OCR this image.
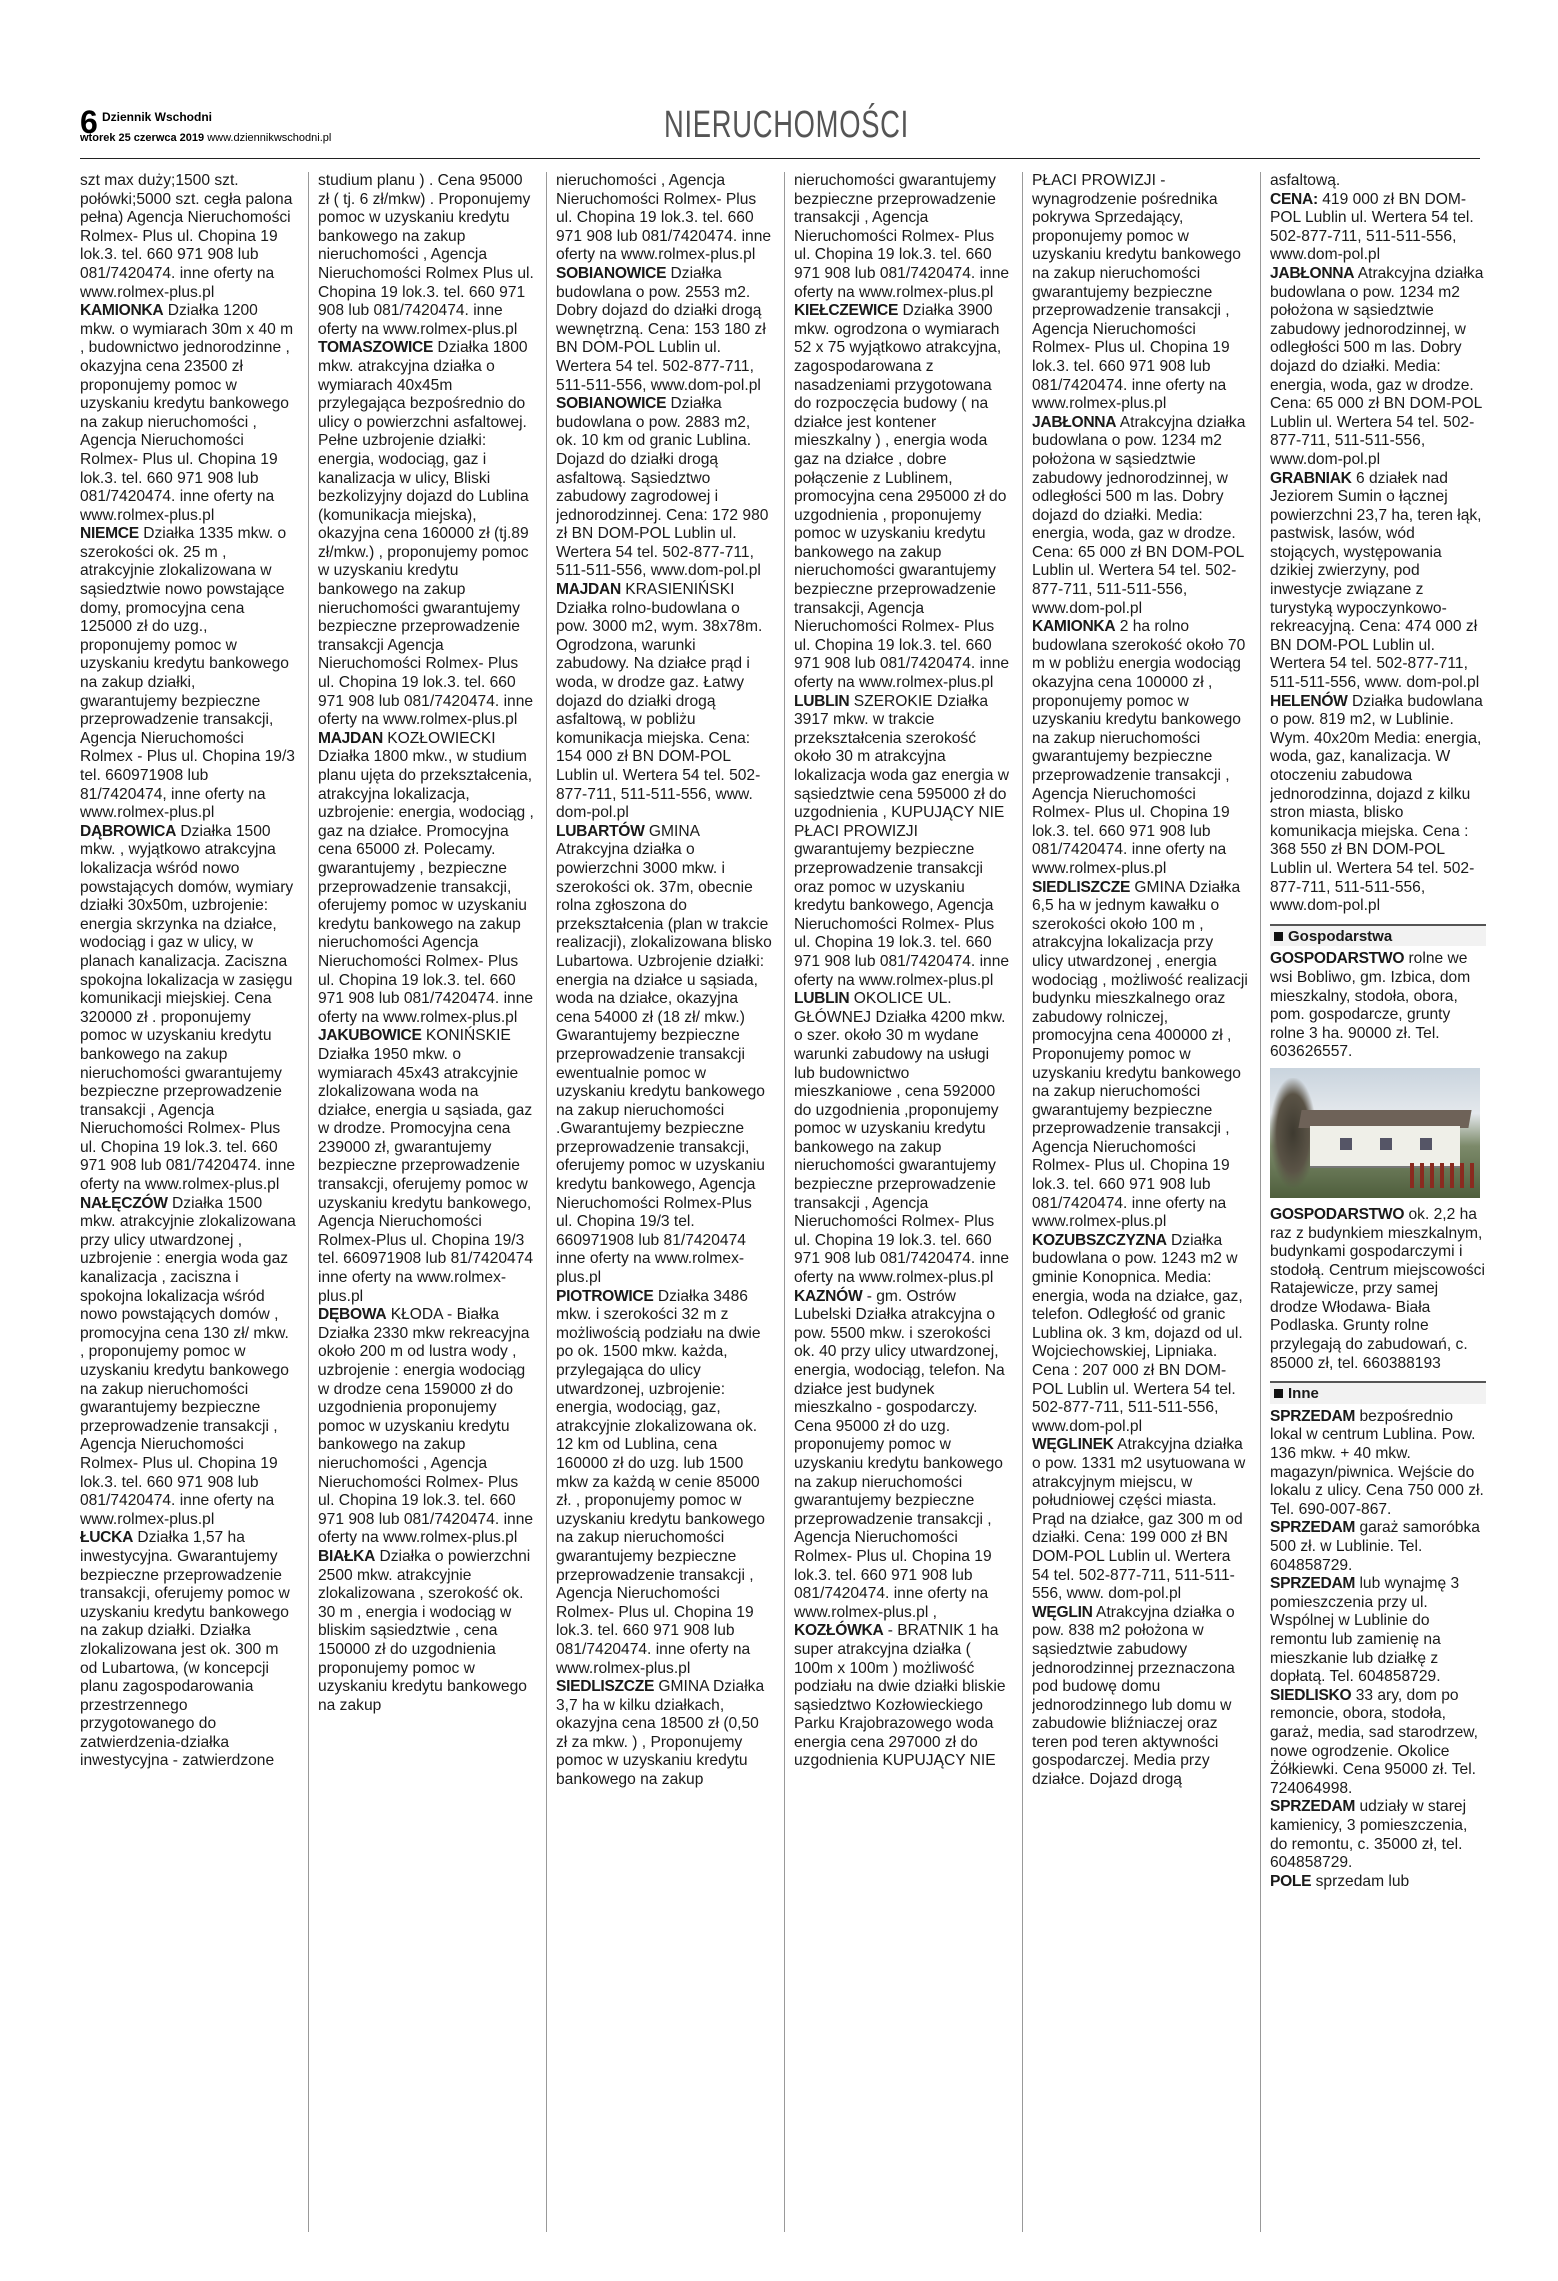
6 Dziennik Wschodni
wtorek 25 czerwca 2019 www.dziennikwschodni.pl	NIERUCHOMOŚCI

szt max duży;1500 szt. połówki;5000 szt. cegła palona pełna) Agencja Nieruchomości Rolmex- Plus ul. Chopina 19 lok.3. tel. 660 971 908 lub 081/7420474. inne oferty na www.rolmex-plus.pl

KAMIONKA Działka 1200 mkw. o wymiarach 30m x 40 m , budownictwo jednorodzinne , okazyjna cena 23500 zł proponujemy pomoc w uzyskaniu kredytu bankowego na zakup nieruchomości , Agencja Nieruchomości Rolmex- Plus ul. Chopina 19 lok.3. tel. 660 971 908 lub 081/7420474. inne oferty na www.rolmex-plus.pl

NIEMCE Działka 1335 mkw. o szerokości ok. 25 m , atrakcyjnie zlokalizowana w sąsiedztwie nowo powstające domy, promocyjna cena 125000 zł do uzg., proponujemy pomoc w uzyskaniu kredytu bankowego na zakup działki, gwarantujemy bezpieczne przeprowadzenie transakcji, Agencja Nieruchomości Rolmex - Plus ul. Chopina 19/3 tel. 660971908 lub 81/7420474, inne oferty na www.rolmex-plus.pl

DĄBROWICA Działka 1500 mkw. , wyjątkowo atrakcyjna lokalizacja wśród nowo powstających domów, wymiary działki 30x50m, uzbrojenie: energia skrzynka na działce, wodociąg i gaz w ulicy, w planach kanalizacja. Zaciszna spokojna lokalizacja w zasięgu komunikacji miejskiej. Cena 320000 zł . proponujemy pomoc w uzyskaniu kredytu bankowego na zakup nieruchomości gwarantujemy bezpieczne przeprowadzenie transakcji , Agencja Nieruchomości Rolmex- Plus ul. Chopina 19 lok.3. tel. 660 971 908 lub 081/7420474. inne oferty na www.rolmex-plus.pl

NAŁĘCZÓW Działka 1500 mkw. atrakcyjnie zlokalizowana przy ulicy utwardzonej , uzbrojenie : energia woda gaz kanalizacja , zaciszna i spokojna lokalizacja wśród nowo powstających domów , promocyjna cena 130 zł/ mkw. , proponujemy pomoc w uzyskaniu kredytu bankowego na zakup nieruchomości gwarantujemy bezpieczne przeprowadzenie transakcji , Agencja Nieruchomości Rolmex- Plus ul. Chopina 19 lok.3. tel. 660 971 908 lub 081/7420474. inne oferty na www.rolmex-plus.pl

ŁUCKA Działka 1,57 ha inwestycyjna. Gwarantujemy bezpieczne przeprowadzenie transakcji, oferujemy pomoc w uzyskaniu kredytu bankowego na zakup działki. Działka zlokalizowana jest ok. 300 m od Lubartowa, (w koncepcji planu zagospodarowania przestrzennego przygotowanego do zatwierdzenia-działka inwestycyjna - zatwierdzone

studium planu ) . Cena 95000 zł ( tj. 6 zł/mkw) . Proponujemy pomoc w uzyskaniu kredytu bankowego na zakup nieruchomości , Agencja Nieruchomości Rolmex Plus ul. Chopina 19 lok.3. tel. 660 971 908 lub 081/7420474. inne oferty na www.rolmex-plus.pl

TOMASZOWICE Działka 1800 mkw. atrakcyjna działka o wymiarach 40x45m przylegająca bezpośrednio do ulicy o powierzchni asfaltowej. Pełne uzbrojenie działki: energia, wodociąg, gaz i kanalizacja w ulicy, Bliski bezkolizyjny dojazd do Lublina (komunikacja miejska), okazyjna cena 160000 zł (tj.89 zł/mkw.) , proponujemy pomoc w uzyskaniu kredytu bankowego na zakup nieruchomości gwarantujemy bezpieczne przeprowadzenie transakcji Agencja Nieruchomości Rolmex- Plus ul. Chopina 19 lok.3. tel. 660 971 908 lub 081/7420474. inne oferty na www.rolmex-plus.pl

MAJDAN KOZŁOWIECKI Działka 1800 mkw., w studium planu ujęta do przekształcenia, atrakcyjna lokalizacja, uzbrojenie: energia, wodociąg , gaz na działce. Promocyjna cena 65000 zł. Polecamy. gwarantujemy , bezpieczne przeprowadzenie transakcji, oferujemy pomoc w uzyskaniu kredytu bankowego na zakup nieruchomości Agencja Nieruchomości Rolmex- Plus ul. Chopina 19 lok.3. tel. 660 971 908 lub 081/7420474. inne oferty na www.rolmex-plus.pl

JAKUBOWICE KONIŃSKIE Działka 1950 mkw. o wymiarach 45x43 atrakcyjnie zlokalizowana woda na działce, energia u sąsiada, gaz w drodze. Promocyjna cena 239000 zł, gwarantujemy bezpieczne przeprowadzenie transakcji, oferujemy pomoc w uzyskaniu kredytu bankowego, Agencja Nieruchomości Rolmex-Plus ul. Chopina 19/3 tel. 660971908 lub 81/7420474 inne oferty na www.rolmex-plus.pl

DĘBOWA KŁODA - Białka Działka 2330 mkw rekreacyjna około 200 m od lustra wody , uzbrojenie : energia wodociąg w drodze cena 159000 zł do uzgodnienia proponujemy pomoc w uzyskaniu kredytu bankowego na zakup nieruchomości , Agencja Nieruchomości Rolmex- Plus ul. Chopina 19 lok.3. tel. 660 971 908 lub 081/7420474. inne oferty na www.rolmex-plus.pl

BIAŁKA Działka o powierzchni 2500 mkw. atrakcyjnie zlokalizowana , szerokość ok. 30 m , energia i wodociąg w bliskim sąsiedztwie , cena 150000 zł do uzgodnienia proponujemy pomoc w uzyskaniu kredytu bankowego na zakup

nieruchomości , Agencja Nieruchomości Rolmex- Plus ul. Chopina 19 lok.3. tel. 660 971 908 lub 081/7420474. inne oferty na www.rolmex-plus.pl

SOBIANOWICE Działka budowlana o pow. 2553 m2. Dobry dojazd do działki drogą wewnętrzną. Cena: 153 180 zł BN DOM-POL Lublin ul. Wertera 54 tel. 502-877-711, 511-511-556, www.dom-pol.pl

SOBIANOWICE Działka budowlana o pow. 2883 m2, ok. 10 km od granic Lublina. Dojazd do działki drogą asfaltową. Sąsiedztwo zabudowy zagrodowej i jednorodzinnej. Cena: 172 980 zł BN DOM-POL Lublin ul. Wertera 54 tel. 502-877-711, 511-511-556, www.dom-pol.pl

MAJDAN KRASIENIŃSKI Działka rolno-budowlana o pow. 3000 m2, wym. 38x78m. Ogrodzona, warunki zabudowy. Na działce prąd i woda, w drodze gaz. Łatwy dojazd do działki drogą asfaltową, w pobliżu komunikacja miejska. Cena: 154 000 zł BN DOM-POL Lublin ul. Wertera 54 tel. 502-877-711, 511-511-556, www. dom-pol.pl

LUBARTÓW GMINA Atrakcyjna działka o powierzchni 3000 mkw. i szerokości ok. 37m, obecnie rolna zgłoszona do przekształcenia (plan w trakcie realizacji), zlokalizowana blisko Lubartowa. Uzbrojenie działki: energia na działce u sąsiada, woda na działce, okazyjna cena 54000 zł (18 zł/ mkw.) Gwarantujemy bezpieczne przeprowadzenie transakcji ewentualnie pomoc w uzyskaniu kredytu bankowego na zakup nieruchomości .Gwarantujemy bezpieczne przeprowadzenie transakcji, oferujemy pomoc w uzyskaniu kredytu bankowego, Agencja Nieruchomości Rolmex-Plus ul. Chopina 19/3 tel. 660971908 lub 81/7420474 inne oferty na www.rolmex-plus.pl

PIOTROWICE Działka 3486 mkw. i szerokości 32 m z możliwością podziału na dwie po ok. 1500 mkw. każda, przylegająca do ulicy utwardzonej, uzbrojenie: energia, wodociąg, gaz, atrakcyjnie zlokalizowana ok. 12 km od Lublina, cena 160000 zł do uzg. lub 1500 mkw za każdą w cenie 85000 zł. , proponujemy pomoc w uzyskaniu kredytu bankowego na zakup nieruchomości gwarantujemy bezpieczne przeprowadzenie transakcji , Agencja Nieruchomości Rolmex- Plus ul. Chopina 19 lok.3. tel. 660 971 908 lub 081/7420474. inne oferty na www.rolmex-plus.pl

SIEDLISZCZE GMINA Działka 3,7 ha w kilku działkach, okazyjna cena 18500 zł (0,50 zł za mkw. ) , Proponujemy pomoc w uzyskaniu kredytu bankowego na zakup

nieruchomości gwarantujemy bezpieczne przeprowadzenie transakcji , Agencja Nieruchomości Rolmex- Plus ul. Chopina 19 lok.3. tel. 660 971 908 lub 081/7420474. inne oferty na www.rolmex-plus.pl

KIEŁCZEWICE Działka 3900 mkw. ogrodzona o wymiarach 52 x 75 wyjątkowo atrakcyjna, zagospodarowana z nasadzeniami przygotowana do rozpoczęcia budowy ( na działce jest kontener mieszkalny ) , energia woda gaz na działce , dobre połączenie z Lublinem, promocyjna cena 295000 zł do uzgodnienia , proponujemy pomoc w uzyskaniu kredytu bankowego na zakup nieruchomości gwarantujemy bezpieczne przeprowadzenie transakcji, Agencja Nieruchomości Rolmex- Plus ul. Chopina 19 lok.3. tel. 660 971 908 lub 081/7420474. inne oferty na www.rolmex-plus.pl

LUBLIN SZEROKIE Działka 3917 mkw. w trakcie przekształcenia szerokość około 30 m atrakcyjna lokalizacja woda gaz energia w sąsiedztwie cena 595000 zł do uzgodnienia , KUPUJĄCY NIE PŁACI PROWIZJI gwarantujemy bezpieczne przeprowadzenie transakcji oraz pomoc w uzyskaniu kredytu bankowego, Agencja Nieruchomości Rolmex- Plus ul. Chopina 19 lok.3. tel. 660 971 908 lub 081/7420474. inne oferty na www.rolmex-plus.pl

LUBLIN OKOLICE UL. GŁÓWNEJ Działka 4200 mkw. o szer. około 30 m wydane warunki zabudowy na usługi lub budownictwo mieszkaniowe , cena 592000 do uzgodnienia ,proponujemy pomoc w uzyskaniu kredytu bankowego na zakup nieruchomości gwarantujemy bezpieczne przeprowadzenie transakcji , Agencja Nieruchomości Rolmex- Plus ul. Chopina 19 lok.3. tel. 660 971 908 lub 081/7420474. inne oferty na www.rolmex-plus.pl

KAZNÓW - gm. Ostrów Lubelski Działka atrakcyjna o pow. 5500 mkw. i szerokości ok. 40 przy ulicy utwardzonej, energia, wodociąg, telefon. Na działce jest budynek mieszkalno - gospodarczy. Cena 95000 zł do uzg. proponujemy pomoc w uzyskaniu kredytu bankowego na zakup nieruchomości gwarantujemy bezpieczne przeprowadzenie transakcji , Agencja Nieruchomości Rolmex- Plus ul. Chopina 19 lok.3. tel. 660 971 908 lub 081/7420474. inne oferty na www.rolmex-plus.pl ,

KOZŁÓWKA - BRATNIK 1 ha super atrakcyjna działka ( 100m x 100m ) możliwość podziału na dwie działki bliskie sąsiedztwo Kozłowieckiego Parku Krajobrazowego woda energia cena 297000 zł do uzgodnienia KUPUJĄCY NIE

PŁACI PROWIZJI -wynagrodzenie pośrednika pokrywa Sprzedający, proponujemy pomoc w uzyskaniu kredytu bankowego na zakup nieruchomości gwarantujemy bezpieczne przeprowadzenie transakcji , Agencja Nieruchomości Rolmex- Plus ul. Chopina 19 lok.3. tel. 660 971 908 lub 081/7420474. inne oferty na www.rolmex-plus.pl

JABŁONNA Atrakcyjna działka budowlana o pow. 1234 m2 położona w sąsiedztwie zabudowy jednorodzinnej, w odległości 500 m las. Dobry dojazd do działki. Media: energia, woda, gaz w drodze. Cena: 65 000 zł BN DOM-POL Lublin ul. Wertera 54 tel. 502-877-711, 511-511-556, www.dom-pol.pl

KAMIONKA 2 ha rolno budowlana szerokość około 70 m w pobliżu energia wodociąg okazyjna cena 100000 zł , proponujemy pomoc w uzyskaniu kredytu bankowego na zakup nieruchomości gwarantujemy bezpieczne przeprowadzenie transakcji , Agencja Nieruchomości Rolmex- Plus ul. Chopina 19 lok.3. tel. 660 971 908 lub 081/7420474. inne oferty na www.rolmex-plus.pl

SIEDLISZCZE GMINA Działka 6,5 ha w jednym kawałku o szerokości około 100 m , atrakcyjna lokalizacja przy ulicy utwardzonej , energia wodociąg , możliwość realizacji budynku mieszkalnego oraz zabudowy rolniczej, promocyjna cena 400000 zł , Proponujemy pomoc w uzyskaniu kredytu bankowego na zakup nieruchomości gwarantujemy bezpieczne przeprowadzenie transakcji , Agencja Nieruchomości Rolmex- Plus ul. Chopina 19 lok.3. tel. 660 971 908 lub 081/7420474. inne oferty na www.rolmex-plus.pl

KOZUBSZCZYZNA Działka budowlana o pow. 1243 m2 w gminie Konopnica. Media: energia, woda na działce, gaz, telefon. Odległość od granic Lublina ok. 3 km, dojazd od ul. Wojciechowskiej, Lipniaka. Cena : 207 000 zł BN DOM-POL Lublin ul. Wertera 54 tel. 502-877-711, 511-511-556, www.dom-pol.pl

WĘGLINEK Atrakcyjna działka o pow. 1331 m2 usytuowana w atrakcyjnym miejscu, w południowej części miasta. Prąd na działce, gaz 300 m od działki. Cena: 199 000 zł BN DOM-POL Lublin ul. Wertera 54 tel. 502-877-711, 511-511-556, www. dom-pol.pl

WĘGLIN Atrakcyjna działka o pow. 838 m2 położona w sąsiedztwie zabudowy jednorodzinnej przeznaczona pod budowę domu jednorodzinnego lub domu w zabudowie bliźniaczej oraz teren pod teren aktywności gospodarczej. Media przy działce. Dojazd drogą

asfaltową.

CENA: 419 000 zł BN DOM-POL Lublin ul. Wertera 54 tel. 502-877-711, 511-511-556, www.dom-pol.pl

JABŁONNA Atrakcyjna działka budowlana o pow. 1234 m2 położona w sąsiedztwie zabudowy jednorodzinnej, w odległości 500 m las. Dobry dojazd do działki. Media: energia, woda, gaz w drodze. Cena: 65 000 zł BN DOM-POL Lublin ul. Wertera 54 tel. 502-877-711, 511-511-556, www.dom-pol.pl

GRABNIAK 6 działek nad Jeziorem Sumin o łącznej powierzchni 23,7 ha, teren łąk, pastwisk, lasów, wód stojących, występowania dzikiej zwierzyny, pod inwestycje związane z turystyką wypoczynkowo-rekreacyjną. Cena: 474 000 zł BN DOM-POL Lublin ul. Wertera 54 tel. 502-877-711, 511-511-556, www. dom-pol.pl

HELENÓW Działka budowlana o pow. 819 m2, w Lublinie. Wym. 40x20m Media: energia, woda, gaz, kanalizacja. W otoczeniu zabudowa jednorodzinna, dojazd z kilku stron miasta, blisko komunikacja miejska. Cena : 368 550 zł BN DOM-POL Lublin ul. Wertera 54 tel. 502-877-711, 511-511-556, www.dom-pol.pl

Gospodarstwa

GOSPODARSTWO rolne we wsi Bobliwo, gm. Izbica, dom mieszkalny, stodoła, obora, pom. gospodarcze, grunty rolne 3 ha. 90000 zł. Tel. 603626557.

GOSPODARSTWO ok. 2,2 ha raz z budynkiem mieszkalnym, budynkami gospodarczymi i stodołą. Centrum miejscowości Ratajewicze, przy samej drodze Włodawa- Biała Podlaska. Grunty rolne przylegają do zabudowań, c. 85000 zł, tel. 660388193

Inne

SPRZEDAM bezpośrednio lokal w centrum Lublina. Pow. 136 mkw. + 40 mkw. magazyn/piwnica. Wejście do lokalu z ulicy. Cena 750 000 zł. Tel. 690-007-867.

SPRZEDAM garaż samoróbka 500 zł. w Lublinie. Tel. 604858729.

SPRZEDAM lub wynajmę 3 pomieszczenia przy ul. Wspólnej w Lublinie do remontu lub zamienię na mieszkanie lub działkę z dopłatą. Tel. 604858729.

SIEDLISKO 33 ary, dom po remoncie, obora, stodoła, garaż, media, sad starodrzew, nowe ogrodzenie. Okolice Żółkiewki. Cena 95000 zł. Tel. 724064998.

SPRZEDAM udziały w starej kamienicy, 3 pomieszczenia, do remontu, c. 35000 zł, tel. 604858729.

POLE sprzedam lub
